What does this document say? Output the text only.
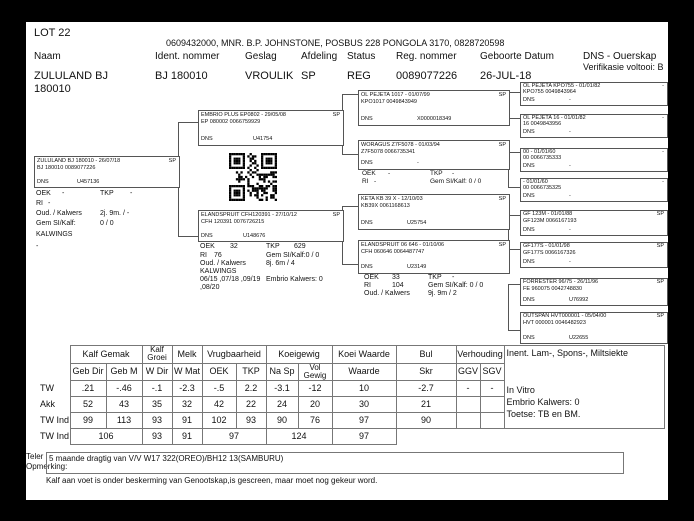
LOT 22
0609432000, MNR. B.P. JOHNSTONE, POSBUS 228 PONGOLA 3170, 0828720598
Naam	Ident. nommer	Geslag Afdeling Status Reg. nommer Geboorte Datum	DNS - Ouerskap
Verifikasie voltooi: B
ZULULAND BJ
180010
BJ 180010	VROULIK SP	REG 0089077226 26-JUL-18
ZULULAND BJ 180010 - 26/07/18	SP
BJ 180010 0089077226
DNS	U457136
OEK -	TKP -
RI -
Oud. / Kalwers	2j. 9m. / -
Gem SI/Kalf:	0 / 0
KALWINGS
-
EMBRIO PLUS EP0802 - 29/05/08	SP
EP 080002 0066759929
DNS	U41754
ELANDSPRUIT CFH120391 - 27/10/12	SP
CFH 120391 0076726215
DNS	U148676
OEK 32	TKP 629
RI 76	Gem SI/Kalf:0 / 0
Oud. / Kalwers	8j. 6m / 4
KALWINGS
Embrio Kalwers: 0
06/15 ,07/18 ,09/19
,08/20
OL PEJETA 1017 - 01/07/99	SP
KPO1017 0049843949
DNS	X0000018349
WORAGUS Z7F5078 - 01/03/94	SP
Z7F5078 0066735341
DNS	-
OEK -	TKP -
RI -	Gem SI/Kalf: 0 / 0
KETA KB 39 X - 12/10/03	SP
KB39X 0061168613
DNS	U25754
ELANDSPRUIT 06 646 - 01/10/06	SP
CFH 060646 0064487747
DNS	U23149
OEK 33	TKP -
RI	104	Gem SI/Kalf: 0 / 0
Oud. / Kalwers	9j. 9m / 2
OL PEJETA KPO755 - 01/01/82	-
KPO755 0049843964
DNS	-
OL PEJETA 16 - 01/01/82	-
16 0049843956
DNS	-
00 - 01/01/60	-
00 0066735333
DNS	-
- 01/01/60	-
00 0066735325
DNS	-
GF 123M - 01/01/88	SP
GF123M 0066167193
DNS	-
GF177S - 01/01/98	SP
GF177S 0066167326
DNS	-
FORRESTER 96/75 - 26/11/96	SP
FE 960075 0042748830
DNS	U76992
OUTSPAN HVT000001 - 05/04/00	SP
HVT 000001 0046482923
DNS	U22655
	Kalf Gemak		Kalf Groei	Melk	Vrugbaarheid		Koeigewig		Koei Waarde	Bul	Verhouding		Inent. Lam-, Spons-, Miltsiekte
In Vitro
Embrio Kalwers: 0
Toetse: TB en BM.

	Geb Dir	Geb M	W Dir	W Mat	OEK	TKP	Na Sp	Vol Gewig	Waarde	Skr	GGV	SGV	
TW	.21	-.46	-.1	-2.3	-.5	2.2	-3.1	-12	10	-2.7	-	-	
Akk	52	43	35	32	42	22	24	20	30	21			
TW Ind	99	113	93	91	102	93	90	76	97	90			
TW Ind	106		93	91	97		124		97				
Teler
Opmerking:
5 maande dragtig van V/V W17 322(OREO)/BH12 13(SAMBURU)
Kalf aan voet is onder beskerming van Genootskap,is gescreen, maar moet nog gekeur word.
